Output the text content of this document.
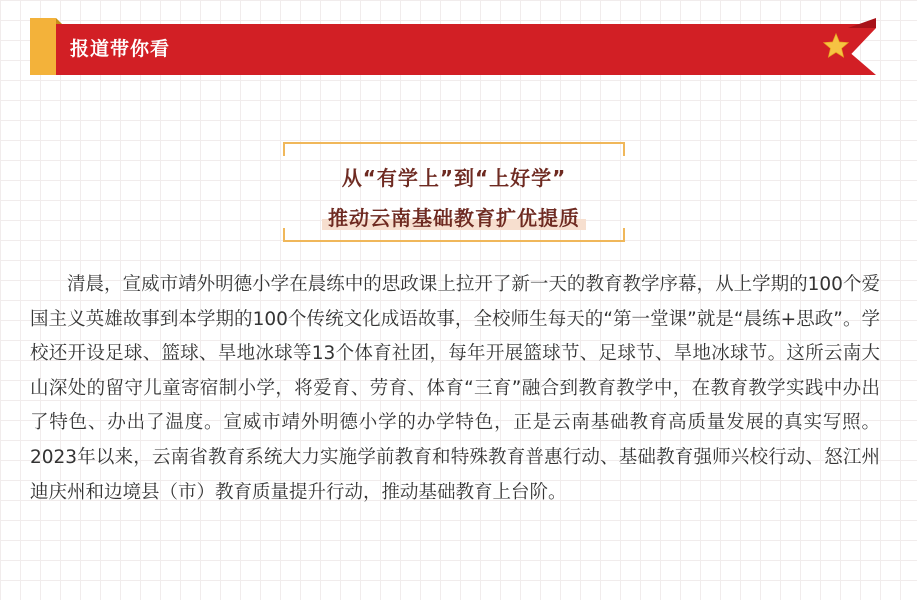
报道带你看
从“有学上”到“上好学”
推动云南基础教育扩优提质

清晨，宣威市靖外明德小学在晨练中的思政课上拉开了新一天的教育教学序幕，从上学期的100个爱国主义英雄故事到本学期的100个传统文化成语故事，全校师生每天的“第一堂课”就是“晨练+思政”。学校还开设足球、篮球、旱地冰球等13个体育社团，每年开展篮球节、足球节、旱地冰球节。这所云南大山深处的留守儿童寄宿制小学，将爱育、劳育、体育“三育”融合到教育教学中，在教育教学实践中办出了特色、办出了温度。宣威市靖外明德小学的办学特色，正是云南基础教育高质量发展的真实写照。2023年以来，云南省教育系统大力实施学前教育和特殊教育普惠行动、基础教育强师兴校行动、怒江州迪庆州和边境县（市）教育质量提升行动，推动基础教育上台阶。
